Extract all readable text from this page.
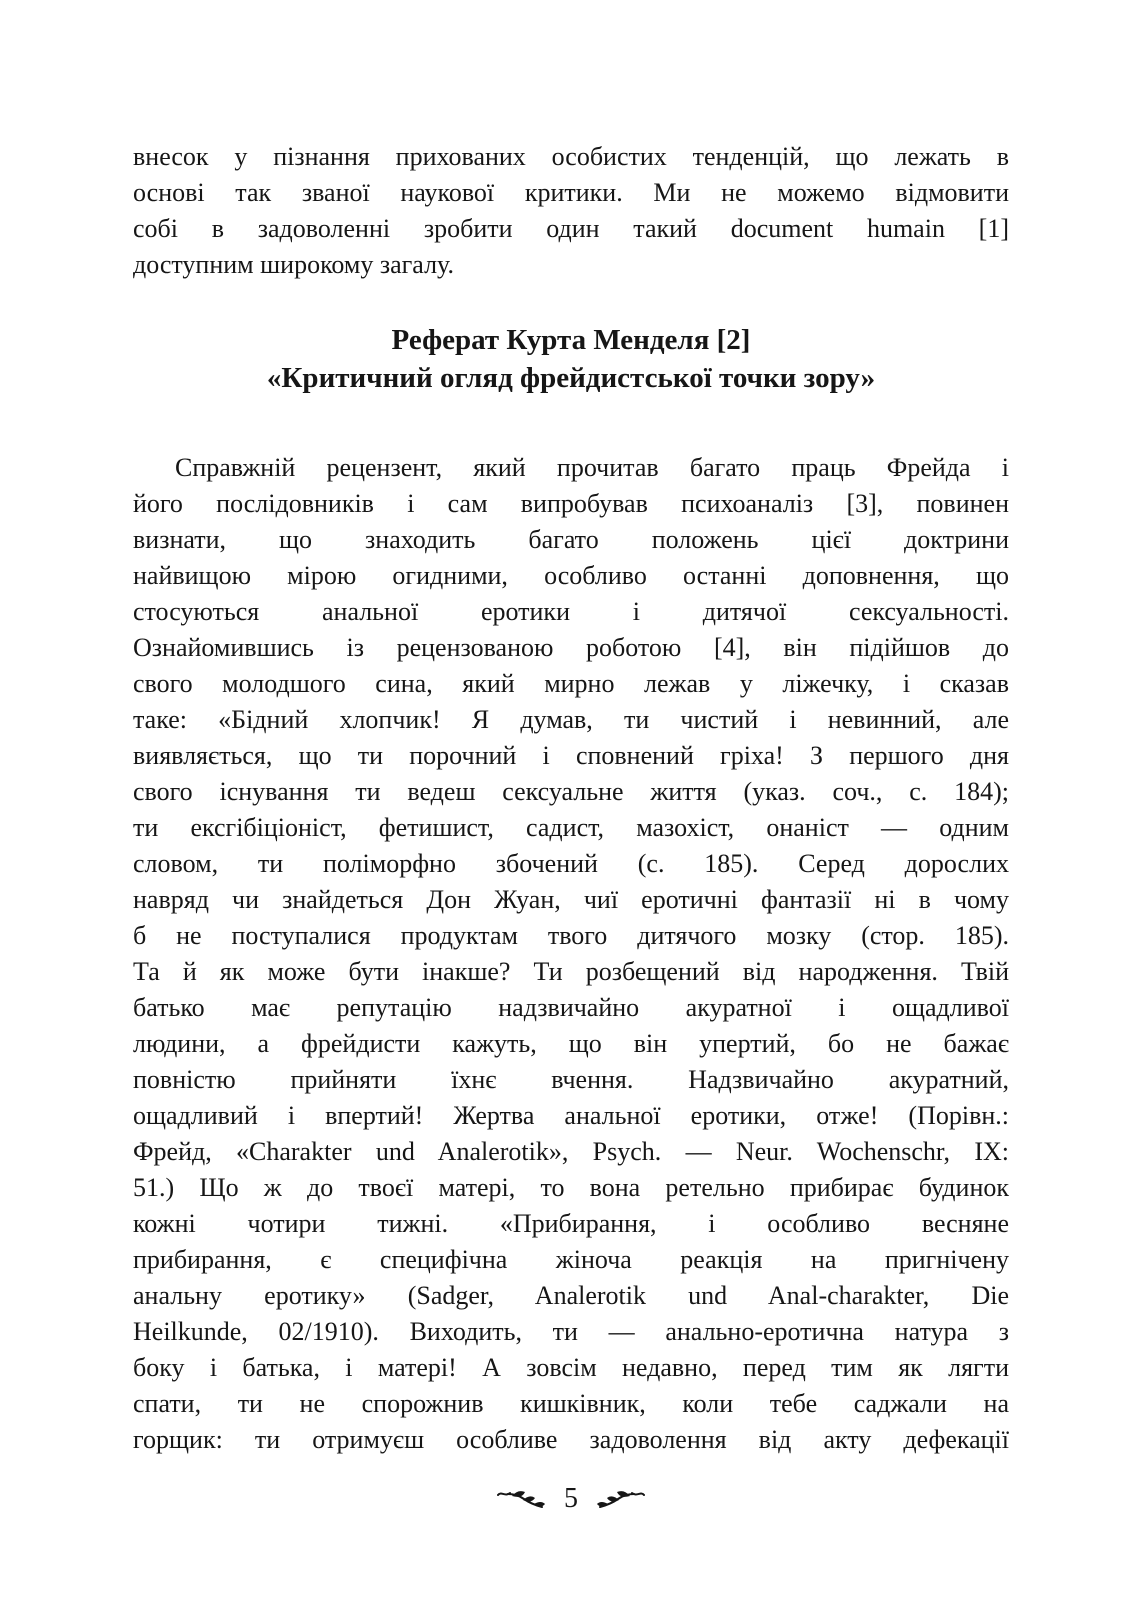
внесок у пізнання прихованих особистих тенденцій, що лежать в
основі так званої наукової критики. Ми не можемо відмовити
собі в задоволенні зробити один такий document humain [1]
доступним широкому загалу.
Реферат Курта Менделя [2]
«Критичний огляд фрейдистської точки зору»
Справжній рецензент, який прочитав багато праць Фрейда і
його послідовників і сам випробував психоаналіз [3], повинен
визнати, що знаходить багато положень цієї доктрини
найвищою мірою огидними, особливо останні доповнення, що
стосуються анальної еротики і дитячої сексуальності.
Ознайомившись із рецензованою роботою [4], він підійшов до
свого молодшого сина, який мирно лежав у ліжечку, і сказав
таке: «Бідний хлопчик! Я думав, ти чистий і невинний, але
виявляється, що ти порочний і сповнений гріха! З першого дня
свого існування ти ведеш сексуальне життя (указ. соч., с. 184);
ти ексгібіціоніст, фетишист, садист, мазохіст, онаніст — одним
словом, ти поліморфно збочений (с. 185). Серед дорослих
навряд чи знайдеться Дон Жуан, чиї еротичні фантазії ні в чому
б не поступалися продуктам твого дитячого мозку (стор. 185).
Та й як може бути інакше? Ти розбещений від народження. Твій
батько має репутацію надзвичайно акуратної і ощадливої
людини, а фрейдисти кажуть, що він упертий, бо не бажає
повністю прийняти їхнє вчення. Надзвичайно акуратний,
ощадливий і впертий! Жертва анальної еротики, отже! (Порівн.:
Фрейд, «Charakter und Analerotik», Psych. — Neur. Wochenschr, IX:
51.) Що ж до твоєї матері, то вона ретельно прибирає будинок
кожні чотири тижні. «Прибирання, і особливо весняне
прибирання, є специфічна жіноча реакція на пригнічену
анальну еротику» (Sadger, Analerotik und Anal-charakter, Die
Heilkunde, 02/1910). Виходить, ти — анально-еротична натура з
боку і батька, і матері! А зовсім недавно, перед тим як лягти
спати, ти не спорожнив кишківник, коли тебе саджали на
горщик: ти отримуєш особливе задоволення від акту дефекації
5
